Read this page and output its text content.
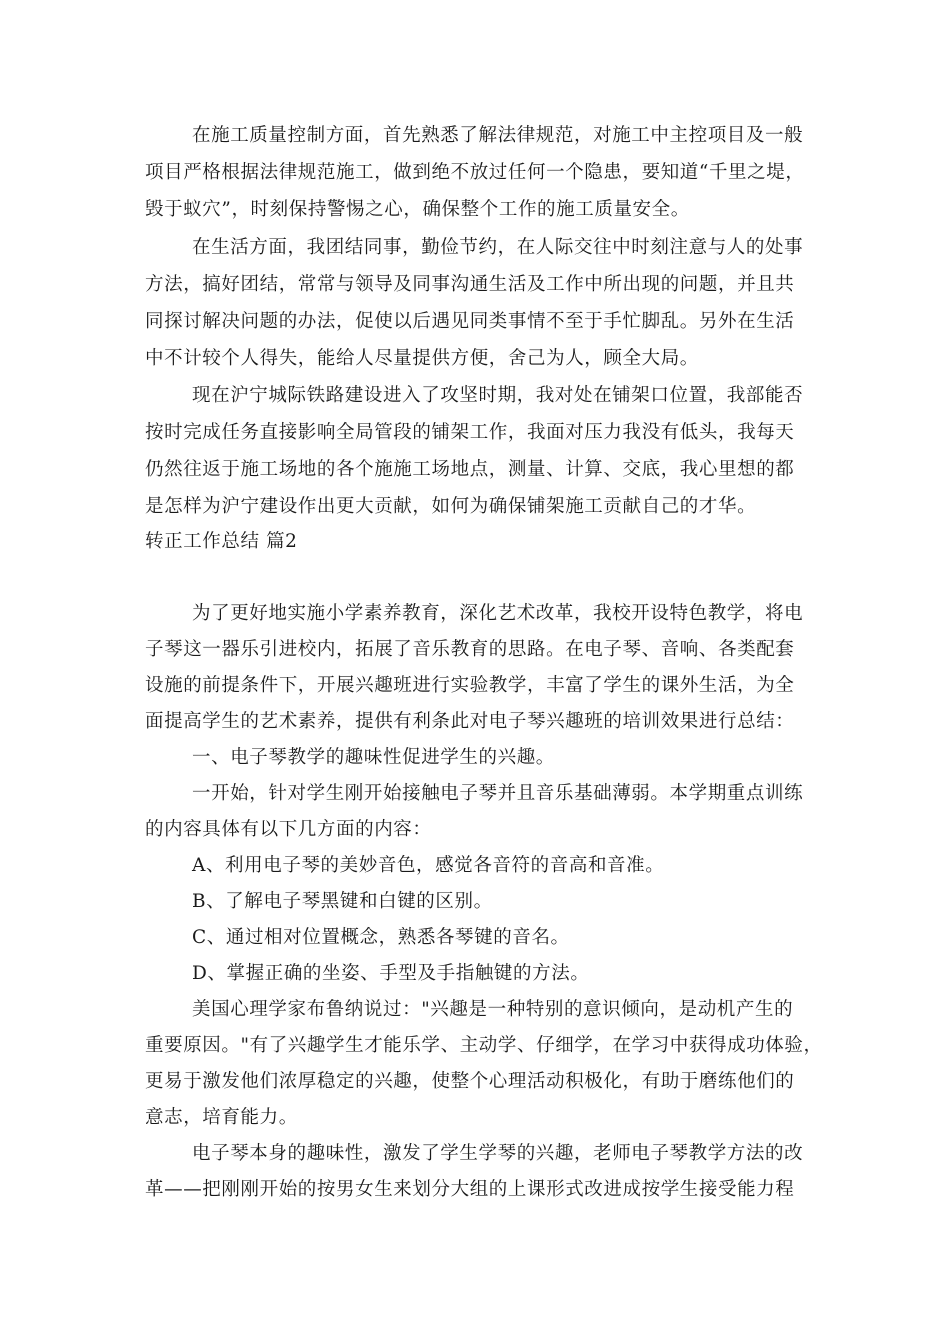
在施工质量控制方面，首先熟悉了解法律规范，对施工中主控项目及一般
项目严格根据法律规范施工，做到绝不放过任何一个隐患，要知道“千里之堤，
毁于蚁穴”，时刻保持警惕之心，确保整个工作的施工质量安全。
在生活方面，我团结同事，勤俭节约，在人际交往中时刻注意与人的处事
方法，搞好团结，常常与领导及同事沟通生活及工作中所出现的问题，并且共
同探讨解决问题的办法，促使以后遇见同类事情不至于手忙脚乱。另外在生活
中不计较个人得失，能给人尽量提供方便，舍己为人，顾全大局。
现在沪宁城际铁路建设进入了攻坚时期，我对处在铺架口位置，我部能否
按时完成任务直接影响全局管段的铺架工作，我面对压力我没有低头，我每天
仍然往返于施工场地的各个施施工场地点，测量、计算、交底，我心里想的都
是怎样为沪宁建设作出更大贡献，如何为确保铺架施工贡献自己的才华。
转正工作总结 篇2
为了更好地实施小学素养教育，深化艺术改革，我校开设特色教学，将电
子琴这一器乐引进校内，拓展了音乐教育的思路。在电子琴、音响、各类配套
设施的前提条件下，开展兴趣班进行实验教学，丰富了学生的课外生活，为全
面提高学生的艺术素养，提供有利条此对电子琴兴趣班的培训效果进行总结：
一、电子琴教学的趣味性促进学生的兴趣。
一开始，针对学生刚开始接触电子琴并且音乐基础薄弱。本学期重点训练
的内容具体有以下几方面的内容：
A、利用电子琴的美妙音色，感觉各音符的音高和音准。
B、了解电子琴黑键和白键的区别。
C、通过相对位置概念，熟悉各琴键的音名。
D、掌握正确的坐姿、手型及手指触键的方法。
美国心理学家布鲁纳说过："兴趣是一种特别的意识倾向，是动机产生的
重要原因。"有了兴趣学生才能乐学、主动学、仔细学，在学习中获得成功体验，
更易于激发他们浓厚稳定的兴趣，使整个心理活动积极化，有助于磨练他们的
意志，培育能力。
电子琴本身的趣味性，激发了学生学琴的兴趣，老师电子琴教学方法的改
革——把刚刚开始的按男女生来划分大组的上课形式改进成按学生接受能力程
